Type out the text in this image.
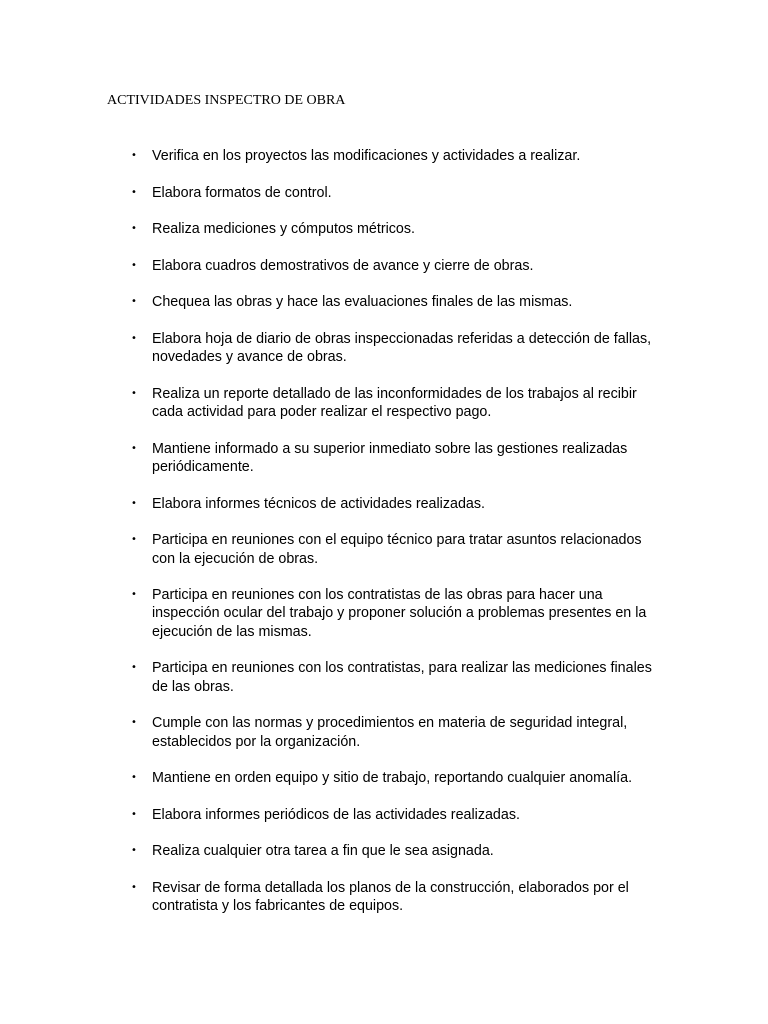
ACTIVIDADES INSPECTRO DE OBRA
• Verifica en los proyectos las modificaciones y actividades a realizar.
• Elabora formatos de control.
• Realiza mediciones y cómputos métricos.
• Elabora cuadros demostrativos de avance y cierre de obras.
• Chequea las obras y hace las evaluaciones finales de las mismas.
• Elabora hoja de diario de obras inspeccionadas referidas a detección de fallas, novedades y avance de obras.
• Realiza un reporte detallado de las inconformidades de los trabajos al recibir cada actividad para poder realizar el respectivo pago.
• Mantiene informado a su superior inmediato sobre las gestiones realizadas periódicamente.
• Elabora informes técnicos de actividades realizadas.
• Participa en reuniones con el equipo técnico para tratar asuntos relacionados con la ejecución de obras.
• Participa en reuniones con los contratistas de las obras para hacer una inspección ocular del trabajo y proponer solución a problemas presentes en la ejecución de las mismas.
• Participa en reuniones con los contratistas, para realizar las mediciones finales de las obras.
• Cumple con las normas y procedimientos en materia de seguridad integral, establecidos por la organización.
• Mantiene en orden equipo y sitio de trabajo, reportando cualquier anomalía.
• Elabora informes periódicos de las actividades realizadas.
• Realiza cualquier otra tarea a fin que le sea asignada.
• Revisar de forma detallada los planos de la construcción, elaborados por el contratista y los fabricantes de equipos.
